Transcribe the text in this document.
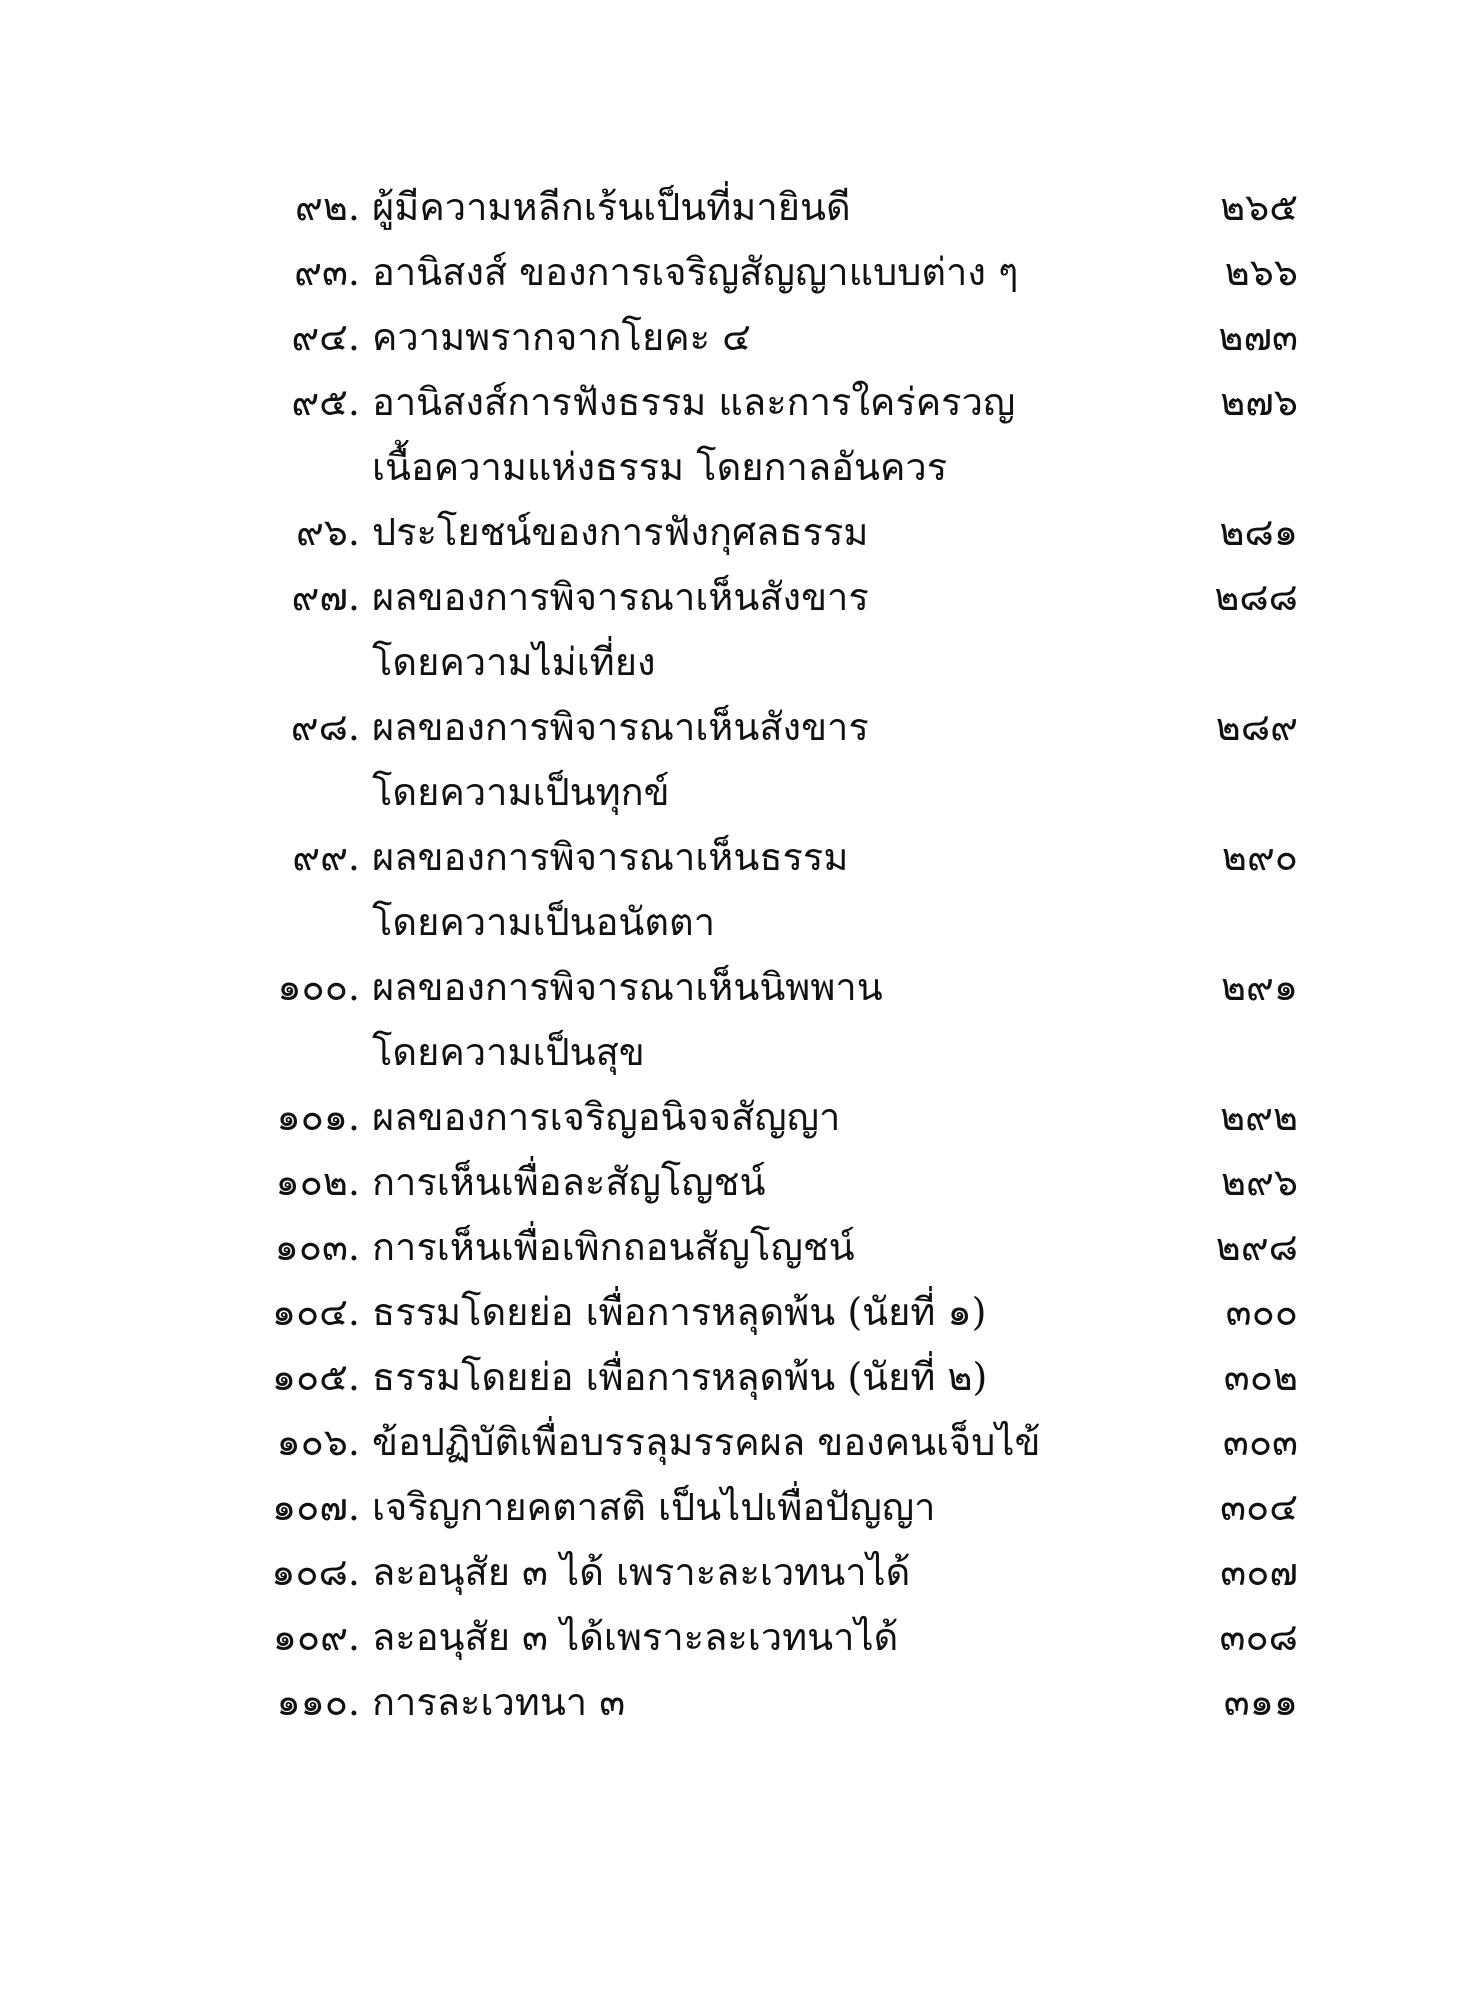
๙๒. ผู้มีความหลีกเร้นเป็นที่มายินดี	๒๖๕
๙๓. อานิสงส์ ของการเจริญสัญญาแบบต่าง ๆ	๒๖๖
๙๔. ความพรากจากโยคะ ๔	๒๗๓
๙๕. อานิสงส์การฟังธรรม และการใคร่ครวญ	๒๗๖
เนื้อความแห่งธรรม โดยกาลอันควร
๙๖. ประโยชน์ของการฟังกุศลธรรม	๒๘๑
๙๗. ผลของการพิจารณาเห็นสังขาร	๒๘๘
โดยความไม่เที่ยง
๙๘. ผลของการพิจารณาเห็นสังขาร	๒๘๙
โดยความเป็นทุกข์
๙๙. ผลของการพิจารณาเห็นธรรม	๒๙๐
โดยความเป็นอนัตตา
๑๐๐. ผลของการพิจารณาเห็นนิพพาน	๒๙๑
โดยความเป็นสุข
๑๐๑. ผลของการเจริญอนิจจสัญญา	๒๙๒
๑๐๒. การเห็นเพื่อละสัญโญชน์	๒๙๖
๑๐๓. การเห็นเพื่อเพิกถอนสัญโญชน์	๒๙๘
๑๐๔. ธรรมโดยย่อ เพื่อการหลุดพ้น (นัยที่ ๑)	๓๐๐
๑๐๕. ธรรมโดยย่อ เพื่อการหลุดพ้น (นัยที่ ๒)	๓๐๒
๑๐๖. ข้อปฏิบัติเพื่อบรรลุมรรคผล ของคนเจ็บไข้	๓๐๓
๑๐๗. เจริญกายคตาสติ เป็นไปเพื่อปัญญา	๓๐๔
๑๐๘. ละอนุสัย ๓ ได้ เพราะละเวทนาได้	๓๐๗
๑๐๙. ละอนุสัย ๓ ได้เพราะละเวทนาได้	๓๐๘
๑๑๐. การละเวทนา ๓	๓๑๑
